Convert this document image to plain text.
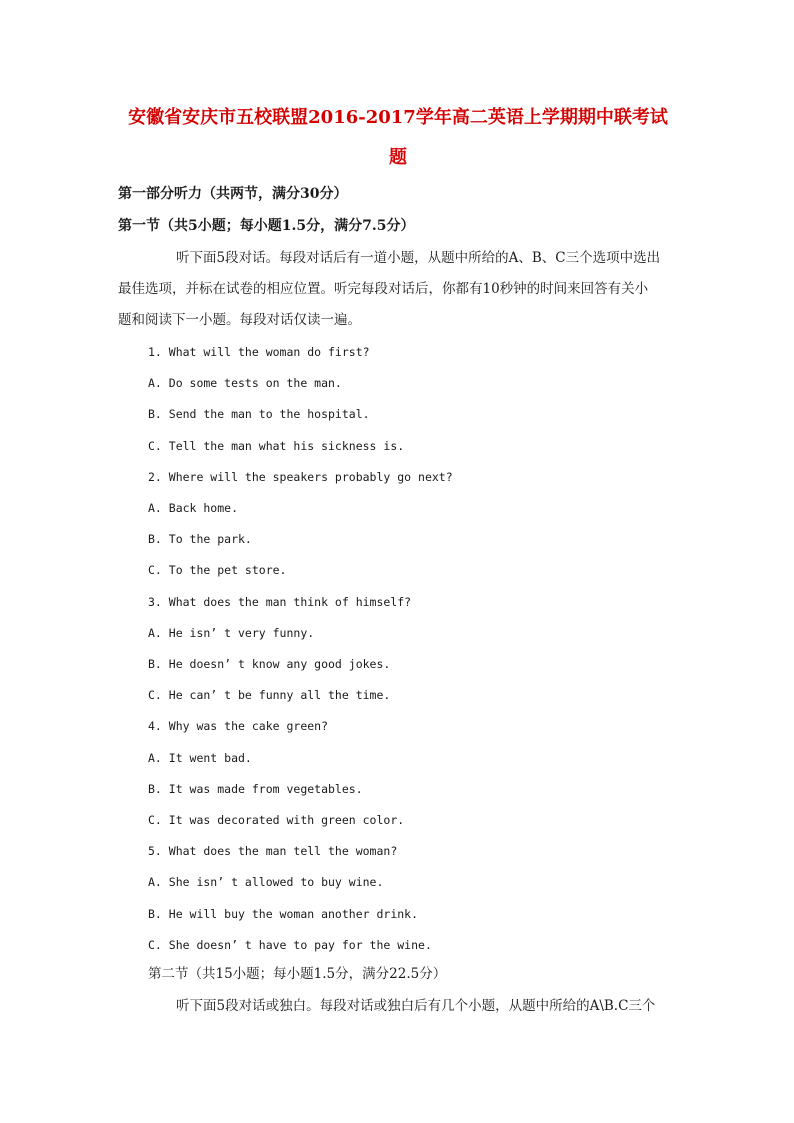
安徽省安庆市五校联盟2016-2017学年高二英语上学期期中联考试
题
第一部分听力（共两节，满分30分）
第一节（共5小题；每小题1.5分，满分7.5分）
听下面5段对话。每段对话后有一道小题，从题中所给的A、B、C三个选项中选出
最佳选项，并标在试卷的相应位置。听完每段对话后，你都有10秒钟的时间来回答有关小
题和阅读下一小题。每段对话仅读一遍。
1. What will the woman do first?
A. Do some tests on the man.
B. Send the man to the hospital.
C. Tell the man what his sickness is.
2. Where will the speakers probably go next?
A. Back home.
B. To the park.
C. To the pet store.
3. What does the man think of himself?
A. He isn’ t very funny.
B. He doesn’ t know any good jokes.
C. He can’ t be funny all the time.
4. Why was the cake green?
A. It went bad.
B. It was made from vegetables.
C. It was decorated with green color.
5. What does the man tell the woman?
A. She isn’ t allowed to buy wine.
B. He will buy the woman another drink.
C. She doesn’ t have to pay for the wine.
第二节（共15小题；每小题1.5分，满分22.5分）
听下面5段对话或独白。每段对话或独白后有几个小题，从题中所给的A\B.C三个
